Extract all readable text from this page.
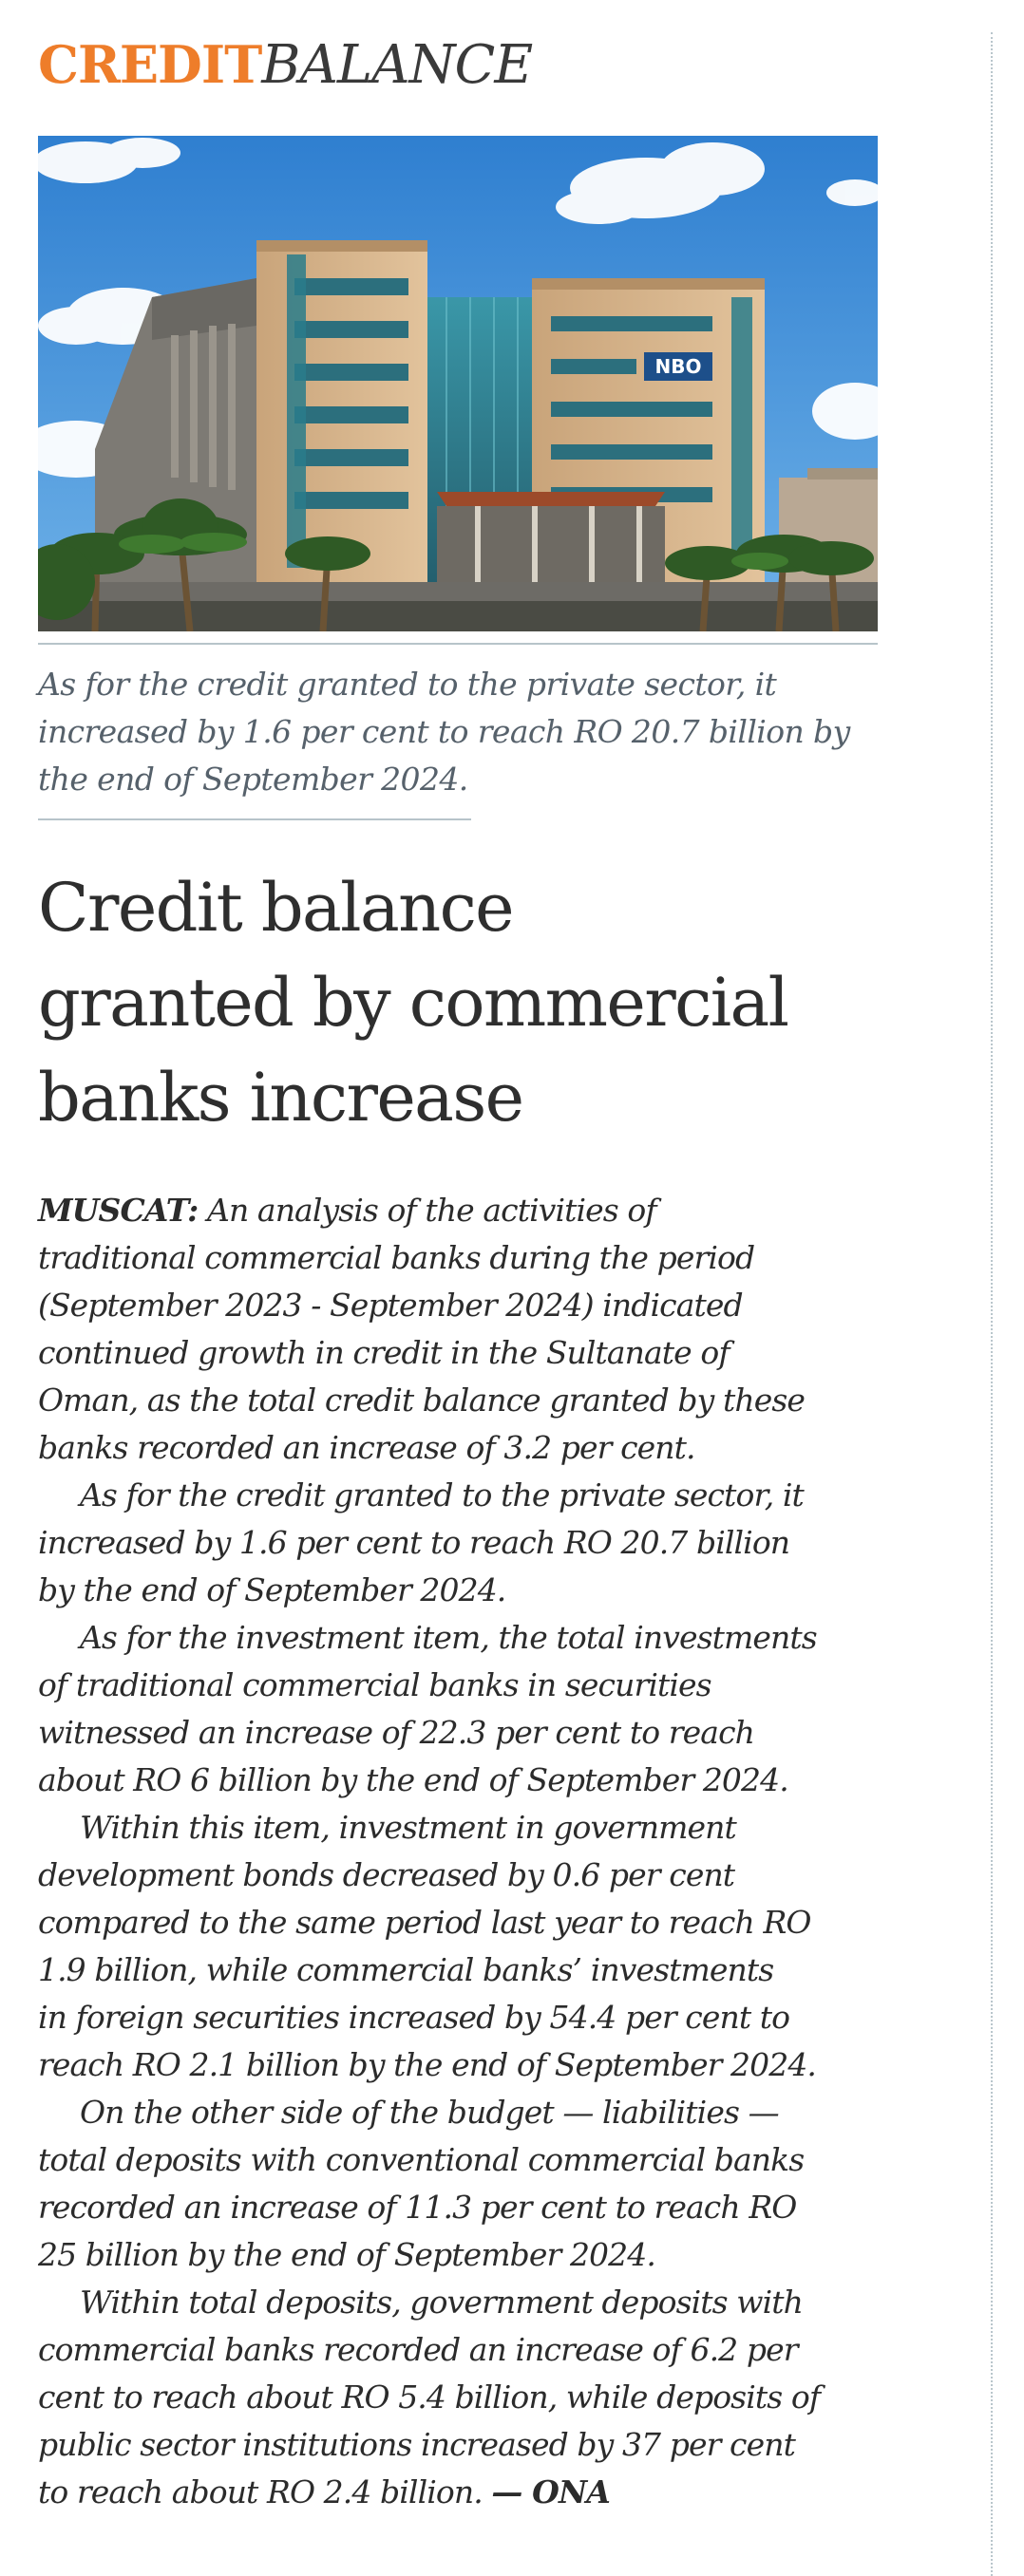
CREDITBALANCE
NBO
As for the credit granted to the private sector, it
increased by 1.6 per cent to reach RO 20.7 billion by
the end of September 2024.
Credit balance
granted by commercial
banks increase

MUSCAT: An analysis of the activities of
traditional commercial banks during the period
(September 2023 - September 2024) indicated
continued growth in credit in the Sultanate of
Oman, as the total credit balance granted by these
banks recorded an increase of 3.2 per cent.

As for the credit granted to the private sector, it
increased by 1.6 per cent to reach RO 20.7 billion
by the end of September 2024.

As for the investment item, the total investments
of traditional commercial banks in securities
witnessed an increase of 22.3 per cent to reach
about RO 6 billion by the end of September 2024.

Within this item, investment in government
development bonds decreased by 0.6 per cent
compared to the same period last year to reach RO
1.9 billion, while commercial banks’ investments
in foreign securities increased by 54.4 per cent to
reach RO 2.1 billion by the end of September 2024.

On the other side of the budget — liabilities —
total deposits with conventional commercial banks
recorded an increase of 11.3 per cent to reach RO
25 billion by the end of September 2024.

Within total deposits, government deposits with
commercial banks recorded an increase of 6.2 per
cent to reach about RO 5.4 billion, while deposits of
public sector institutions increased by 37 per cent
to reach about RO 2.4 billion. — ONA
